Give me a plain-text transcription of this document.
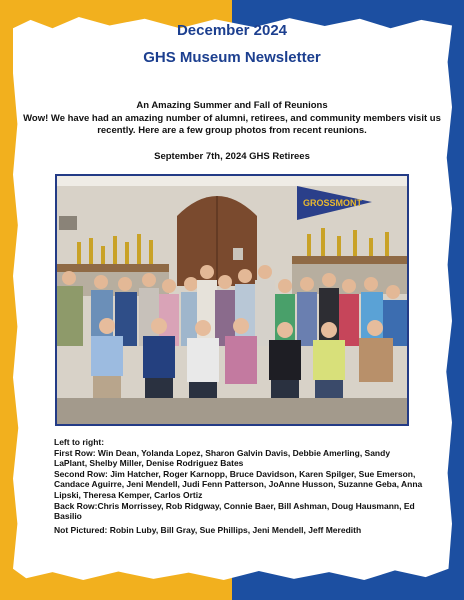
December 2024
GHS Museum Newsletter
An Amazing Summer and Fall of Reunions
Wow! We have had an amazing number of alumni, retirees, and community members visit us recently. Here are a few group photos from recent reunions.
September 7th, 2024 GHS Retirees
GROSSMONT
Left to right:
First Row: Win Dean, Yolanda Lopez, Sharon Galvin Davis, Debbie Amerling, Sandy LaPlant, Shelby Miller, Denise Rodriguez Bates
Second Row: Jim Hatcher, Roger Karnopp, Bruce Davidson, Karen Spilger, Sue Emerson, Candace Aguirre, Jeni Mendell, Judi Fenn Patterson, JoAnne Husson, Suzanne Geba, Anna Lipski, Theresa Kemper, Carlos Ortiz
Back Row:Chris Morrissey, Rob Ridgway, Connie Baer, Bill Ashman, Doug Hausmann, Ed Basilio
Not Pictured: Robin Luby, Bill Gray, Sue Phillips, Jeni Mendell, Jeff Meredith
